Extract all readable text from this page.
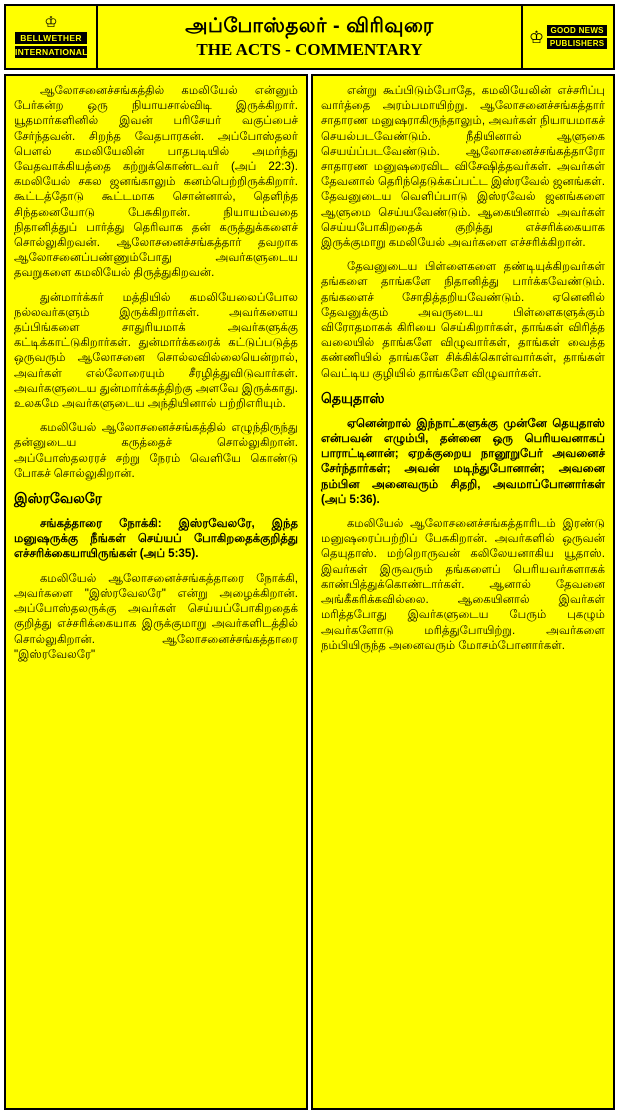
♔
BELLWETHER
INTERNATIONAL
அப்போஸ்தலர் - விரிவுரை
THE ACTS - COMMENTARY
♔ GOOD NEWS
PUBLISHERS

ஆலோசனைச்சங்கத்தில் கமலியேல் என்னும் பேர்கன்ற ஒரு நியாயசால்விடி இருக்கிறார். யூதமார்களினில் இவன் பரிசேயர் வகுப்பைச் சேர்ந்தவன். சிறந்த வேதபாரகன். அப்போஸ்தலர் பௌல் கமலியேலின் பாதபடியில் அமர்ந்து வேதவாக்கியத்தை கற்றுக்கொண்டவர் (அப் 22:3). கமலியேல் சகல ஜனங்காலும் கனம்பெற்றிருக்கிறார். கூட்டத்தோடு கூட்டமாக சொன்னால், தெளிந்த சிந்தனையோடு பேசுகிறான். நியாயம்வதை நிதானித்துப் பார்த்து தெரிவாக தன் கருத்துக்களைச் சொல்லுகிறவன். ஆலோசனைச்சங்கத்தார் தவறாக ஆலோசனைப்பண்ணும்போது அவர்களுடைய தவறுகளை கமலியேல் திருத்துகிறவன்.

துன்மார்க்கர் மத்தியில் கமலியேலைப்போல நல்லவர்களும் இருக்கிறார்கள். அவர்களைய தப்பிங்களை சாதுரியமாக் அவர்களுக்கு கட்டிக்காட்டுகிறார்கள். துன்மார்க்கரைக் கட்டுப்படுத்த ஒருவரும் ஆலோசனை சொல்லவில்லையென்றால், அவர்கள் எல்லோரையும் சீரழித்துவிடுவார்கள். அவர்களுடைய துன்மார்க்கத்திற்கு அளவே இருக்காது. உலகமே அவர்களுடைய அந்தியினால் பற்றிஎரியும்.

கமலியேல் ஆலோசனைச்சங்கத்தில் எழுந்திருந்து தன்னுடைய கருத்தைச் சொல்லுகிறான். அப்போஸ்தலரரச் சற்று நேரம் வெளியே கொண்டு போகச் சொல்லுகிறான்.

இஸ்ரவேலரே

சங்கத்தாரை நோக்கி: இஸ்ரவேலரே, இந்த மனுஷருக்கு நீங்கள் செய்யப் போகிறதைக்குறித்து எச்சரிக்கையாயிருங்கள் (அப் 5:35).

கமலியேல் ஆலோசனைச்சங்கத்தாரை நோக்கி, அவர்களை "இஸ்ரவேலரே" என்று அழைக்கிறான். அப்போஸ்தலருக்கு அவர்கள் செய்யப்போகிறதைக் குறித்து எச்சரிக்கையாக இருக்குமாறு அவர்களிடத்தில் சொல்லுகிறான். ஆலோசனைச்சங்கத்தாரை "இஸ்ரவேலரே"

என்று கூப்பிடும்போதே, கமலியேலின் எச்சரிப்பு வார்த்தை அரம்பமாயிற்று. ஆலோசனைச்சங்கத்தார் சாதாரண மனுஷராகிருந்தாலும், அவர்கள் நியாயமாகச் செயல்படவேண்டும். நீதியினால் ஆளுகை செயய்ப்படவேண்டும். ஆலோசனைச்சங்கத்தாரோ சாதாரண மனுஷரைவிட விசேஷித்தவர்கள். அவர்கள் தேவனால் தெரிந்தெடுக்கப்பட்ட இஸ்ரவேல் ஜனங்கள். தேவனுடைய வெளிப்பாடு இஸ்ரவேல் ஜனங்களை ஆளுமை செய்யவேண்டும். ஆகையினால் அவர்கள் செய்யபோகிறதைக் குறித்து எச்சரிக்கையாக இருக்குமாறு கமலியேல் அவர்களை எச்சரிக்கிறான்.

தேவனுடைய பிள்ளைகளை தண்டியுக்கிறவர்கள் தங்களை தாங்களே நிதானித்து பார்க்கவேண்டும். தங்களைச் சோதித்தறியவேண்டும். ஏனெனில் தேவனுக்கும் அவருடைய பிள்ளைகளுக்கும் விரோதமாகக் கிரியை செய்கிறார்கள், தாங்கள் விரித்த வலையில் தாங்களே விழுவார்கள், தாங்கள் வைத்த கண்ணியில் தாங்களே சிக்கிக்கொள்வார்கள், தாங்கள் வெட்டிய குழியில் தாங்களே விழுவார்கள்.

தெயுதாஸ்

ஏனென்றால் இந்நாட்களுக்கு முன்னே தெயுதாஸ் என்பவன் எழும்பி, தன்னை ஒரு பெரியவனாகப் பாராட்டினான்; ஏறக்குறைய நானூறுபேர் அவனைச் சேர்ந்தார்கள்; அவன் மடிந்துபோனான்; அவனை நம்பின அனைவரும் சிதறி, அவமாப்போனார்கள் (அப் 5:36).

கமலியேல் ஆலோசனைச்சங்கத்தாரிடம் இரண்டு மனுஷரைப்பற்றிப் பேசுகிறான். அவர்களில் ஒருவன் தெயுதாஸ். மற்றொருவன் கலிலேயனாகிய யூதாஸ். இவர்கள் இருவரும் தங்களைப் பெரியவர்களாகக் காண்பித்துக்கொண்டார்கள். ஆனால் தேவனை அங்கீகரிக்கவில்லை. ஆகையினால் இவர்கள் மரித்தபோது இவர்களுடைய பேரும் புகழும் அவர்களோடு மரித்துபோயிற்று. அவர்களை நம்பியிருந்த அனைவரும் மோசம்போனார்கள்.
